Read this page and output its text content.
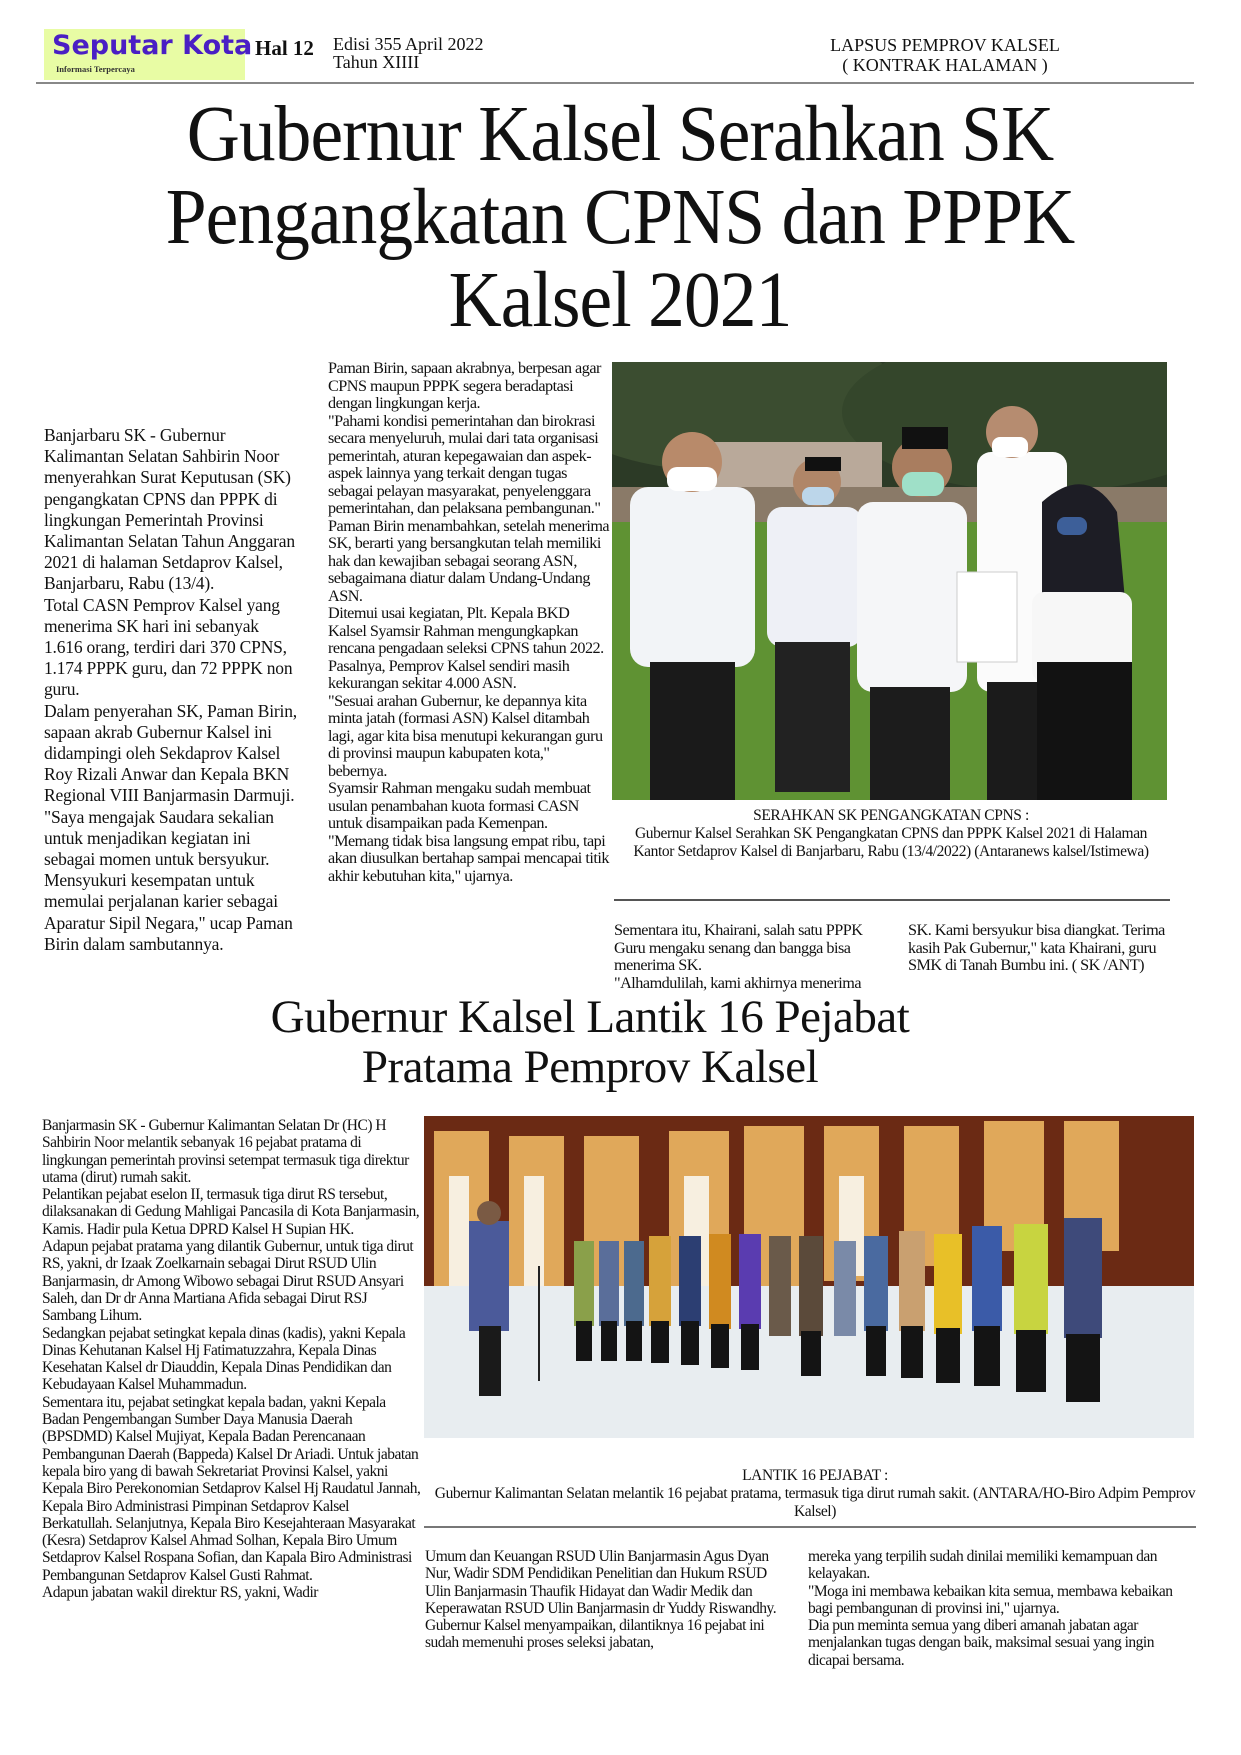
Seputar Kota
Informasi Terpercaya
Hal 12 Edisi 355 April 2022
Tahun XIIII
LAPSUS PEMPROV KALSEL
( KONTRAK HALAMAN )
Gubernur Kalsel Serahkan SK
Pengangkatan CPNS dan PPPK
Kalsel 2021

Banjarbaru SK - Gubernur Kalimantan Selatan Sahbirin Noor menyerahkan Surat Keputusan (SK) pengangkatan CPNS dan PPPK di lingkungan Pemerintah Provinsi Kalimantan Selatan Tahun Anggaran 2021 di halaman Setdaprov Kalsel, Banjarbaru, Rabu (13/4).

Total CASN Pemprov Kalsel yang menerima SK hari ini sebanyak 1.616 orang, terdiri dari 370 CPNS, 1.174 PPPK guru, dan 72 PPPK non guru.

Dalam penyerahan SK, Paman Birin, sapaan akrab Gubernur Kalsel ini didampingi oleh Sekdaprov Kalsel Roy Rizali Anwar dan Kepala BKN Regional VIII Banjarmasin Darmuji.

"Saya mengajak Saudara sekalian untuk menjadikan kegiatan ini sebagai momen untuk bersyukur. Mensyukuri kesempatan untuk memulai perjalanan karier sebagai Aparatur Sipil Negara," ucap Paman Birin dalam sambutannya.

Paman Birin, sapaan akrabnya, berpesan agar CPNS maupun PPPK segera beradaptasi dengan lingkungan kerja.

"Pahami kondisi pemerintahan dan birokrasi secara menyeluruh, mulai dari tata organisasi pemerintah, aturan kepegawaian dan aspek-aspek lainnya yang terkait dengan tugas sebagai pelayan masyarakat, penyelenggara pemerintahan, dan pelaksana pembangunan."

Paman Birin menambahkan, setelah menerima SK, berarti yang bersangkutan telah memiliki hak dan kewajiban sebagai seorang ASN, sebagaimana diatur dalam Undang-Undang ASN.

Ditemui usai kegiatan, Plt. Kepala BKD Kalsel Syamsir Rahman mengungkapkan rencana pengadaan seleksi CPNS tahun 2022. Pasalnya, Pemprov Kalsel sendiri masih kekurangan sekitar 4.000 ASN.

"Sesuai arahan Gubernur, ke depannya kita minta jatah (formasi ASN) Kalsel ditambah lagi, agar kita bisa menutupi kekurangan guru di provinsi maupun kabupaten kota," bebernya.

Syamsir Rahman mengaku sudah membuat usulan penambahan kuota formasi CASN untuk disampaikan pada Kemenpan. "Memang tidak bisa langsung empat ribu, tapi akan diusulkan bertahap sampai mencapai titik akhir kebutuhan kita," ujarnya.

SERAHKAN SK PENGANGKATAN CPNS :
Gubernur Kalsel Serahkan SK Pengangkatan CPNS dan PPPK Kalsel 2021 di Halaman Kantor Setdaprov Kalsel di Banjarbaru, Rabu (13/4/2022) (Antaranews kalsel/Istimewa)

Sementara itu, Khairani, salah satu PPPK Guru mengaku senang dan bangga bisa menerima SK.

"Alhamdulilah, kami akhirnya menerima

SK. Kami bersyukur bisa diangkat. Terima kasih Pak Gubernur," kata Khairani, guru SMK di Tanah Bumbu ini. ( SK /ANT)

Gubernur Kalsel Lantik 16 Pejabat
Pratama Pemprov Kalsel

Banjarmasin SK - Gubernur Kalimantan Selatan Dr (HC) H Sahbirin Noor melantik sebanyak 16 pejabat pratama di lingkungan pemerintah provinsi setempat termasuk tiga direktur utama (dirut) rumah sakit.

Pelantikan pejabat eselon II, termasuk tiga dirut RS tersebut, dilaksanakan di Gedung Mahligai Pancasila di Kota Banjarmasin, Kamis. Hadir pula Ketua DPRD Kalsel H Supian HK.

Adapun pejabat pratama yang dilantik Gubernur, untuk tiga dirut RS, yakni, dr Izaak Zoelkarnain sebagai Dirut RSUD Ulin Banjarmasin, dr Among Wibowo sebagai Dirut RSUD Ansyari Saleh, dan Dr dr Anna Martiana Afida sebagai Dirut RSJ Sambang Lihum.

Sedangkan pejabat setingkat kepala dinas (kadis), yakni Kepala Dinas Kehutanan Kalsel Hj Fatimatuzzahra, Kepala Dinas Kesehatan Kalsel dr Diauddin, Kepala Dinas Pendidikan dan Kebudayaan Kalsel Muhammadun.

Sementara itu, pejabat setingkat kepala badan, yakni Kepala Badan Pengembangan Sumber Daya Manusia Daerah (BPSDMD) Kalsel Mujiyat, Kepala Badan Perencanaan Pembangunan Daerah (Bappeda) Kalsel Dr Ariadi. Untuk jabatan kepala biro yang di bawah Sekretariat Provinsi Kalsel, yakni Kepala Biro Perekonomian Setdaprov Kalsel Hj Raudatul Jannah, Kepala Biro Administrasi Pimpinan Setdaprov Kalsel Berkatullah. Selanjutnya, Kepala Biro Kesejahteraan Masyarakat (Kesra) Setdaprov Kalsel Ahmad Solhan, Kepala Biro Umum Setdaprov Kalsel Rospana Sofian, dan Kapala Biro Administrasi Pembangunan Setdaprov Kalsel Gusti Rahmat.

Adapun jabatan wakil direktur RS, yakni, Wadir

LANTIK 16 PEJABAT :
Gubernur Kalimantan Selatan melantik 16 pejabat pratama, termasuk tiga dirut rumah sakit. (ANTARA/HO-Biro Adpim Pemprov Kalsel)

Umum dan Keuangan RSUD Ulin Banjarmasin Agus Dyan Nur, Wadir SDM Pendidikan Penelitian dan Hukum RSUD Ulin Banjarmasin Thaufik Hidayat dan Wadir Medik dan Keperawatan RSUD Ulin Banjarmasin dr Yuddy Riswandhy.

Gubernur Kalsel menyampaikan, dilantiknya 16 pejabat ini sudah memenuhi proses seleksi jabatan,

mereka yang terpilih sudah dinilai memiliki kemampuan dan kelayakan.

"Moga ini membawa kebaikan kita semua, membawa kebaikan bagi pembangunan di provinsi ini," ujarnya.

Dia pun meminta semua yang diberi amanah jabatan agar menjalankan tugas dengan baik, maksimal sesuai yang ingin dicapai bersama.
